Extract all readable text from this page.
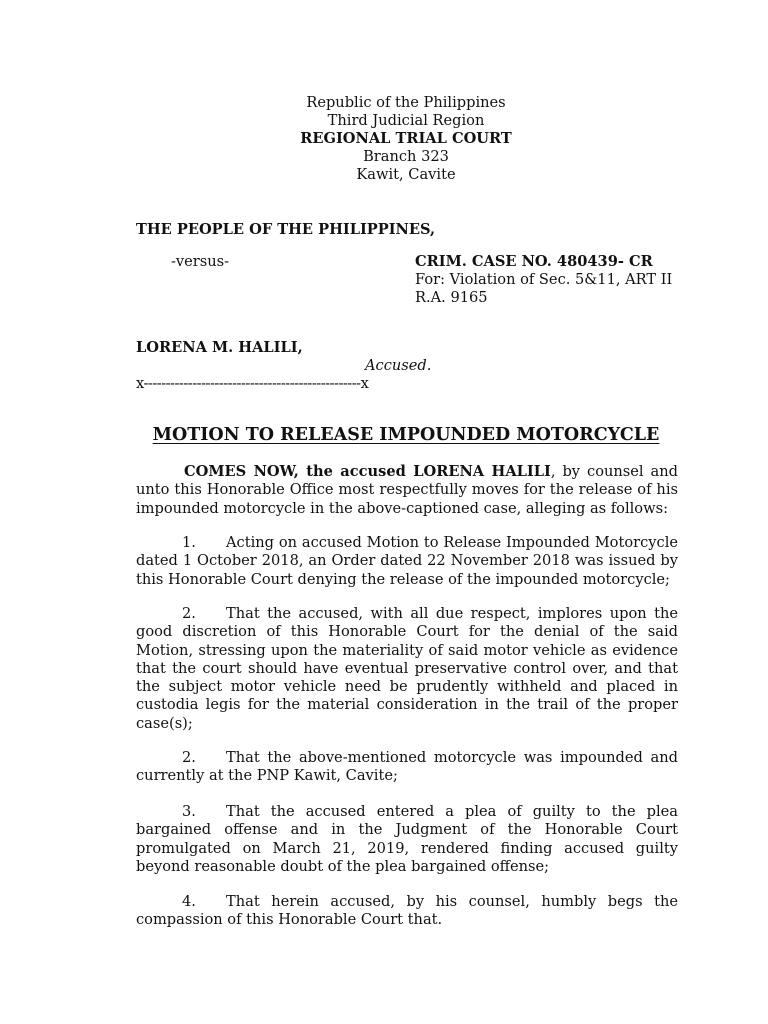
Republic of the Philippines
Third Judicial Region
REGIONAL TRIAL COURT
Branch 323
Kawit, Cavite
THE PEOPLE OF THE PHILIPPINES,
-versus-	CRIM. CASE NO. 480439- CR
For: Violation of Sec. 5&11, ART II
R.A. 9165
LORENA M. HALILI,
Accused.
x-------------------------------------------------x
MOTION TO RELEASE IMPOUNDED MOTORCYCLE
COMES NOW, the accused LORENA HALILI, by counsel and unto this Honorable Office most respectfully moves for the release of his impounded motorcycle in the above-captioned case, alleging as follows:
1. Acting on accused Motion to Release Impounded Motorcycle dated 1 October 2018, an Order dated 22 November 2018 was issued by this Honorable Court denying the release of the impounded motorcycle;
2. That the accused, with all due respect, implores upon the good discretion of this Honorable Court for the denial of the said Motion, stressing upon the materiality of said motor vehicle as evidence that the court should have eventual preservative control over, and that the subject motor vehicle need be prudently withheld and placed in custodia legis for the material consideration in the trail of the proper case(s);
2. That the above-mentioned motorcycle was impounded and currently at the PNP Kawit, Cavite;
3. That the accused entered a plea of guilty to the plea bargained offense and in the Judgment of the Honorable Court promulgated on March 21, 2019, rendered finding accused guilty beyond reasonable doubt of the plea bargained offense;
4. That herein accused, by his counsel, humbly begs the compassion of this Honorable Court that.
